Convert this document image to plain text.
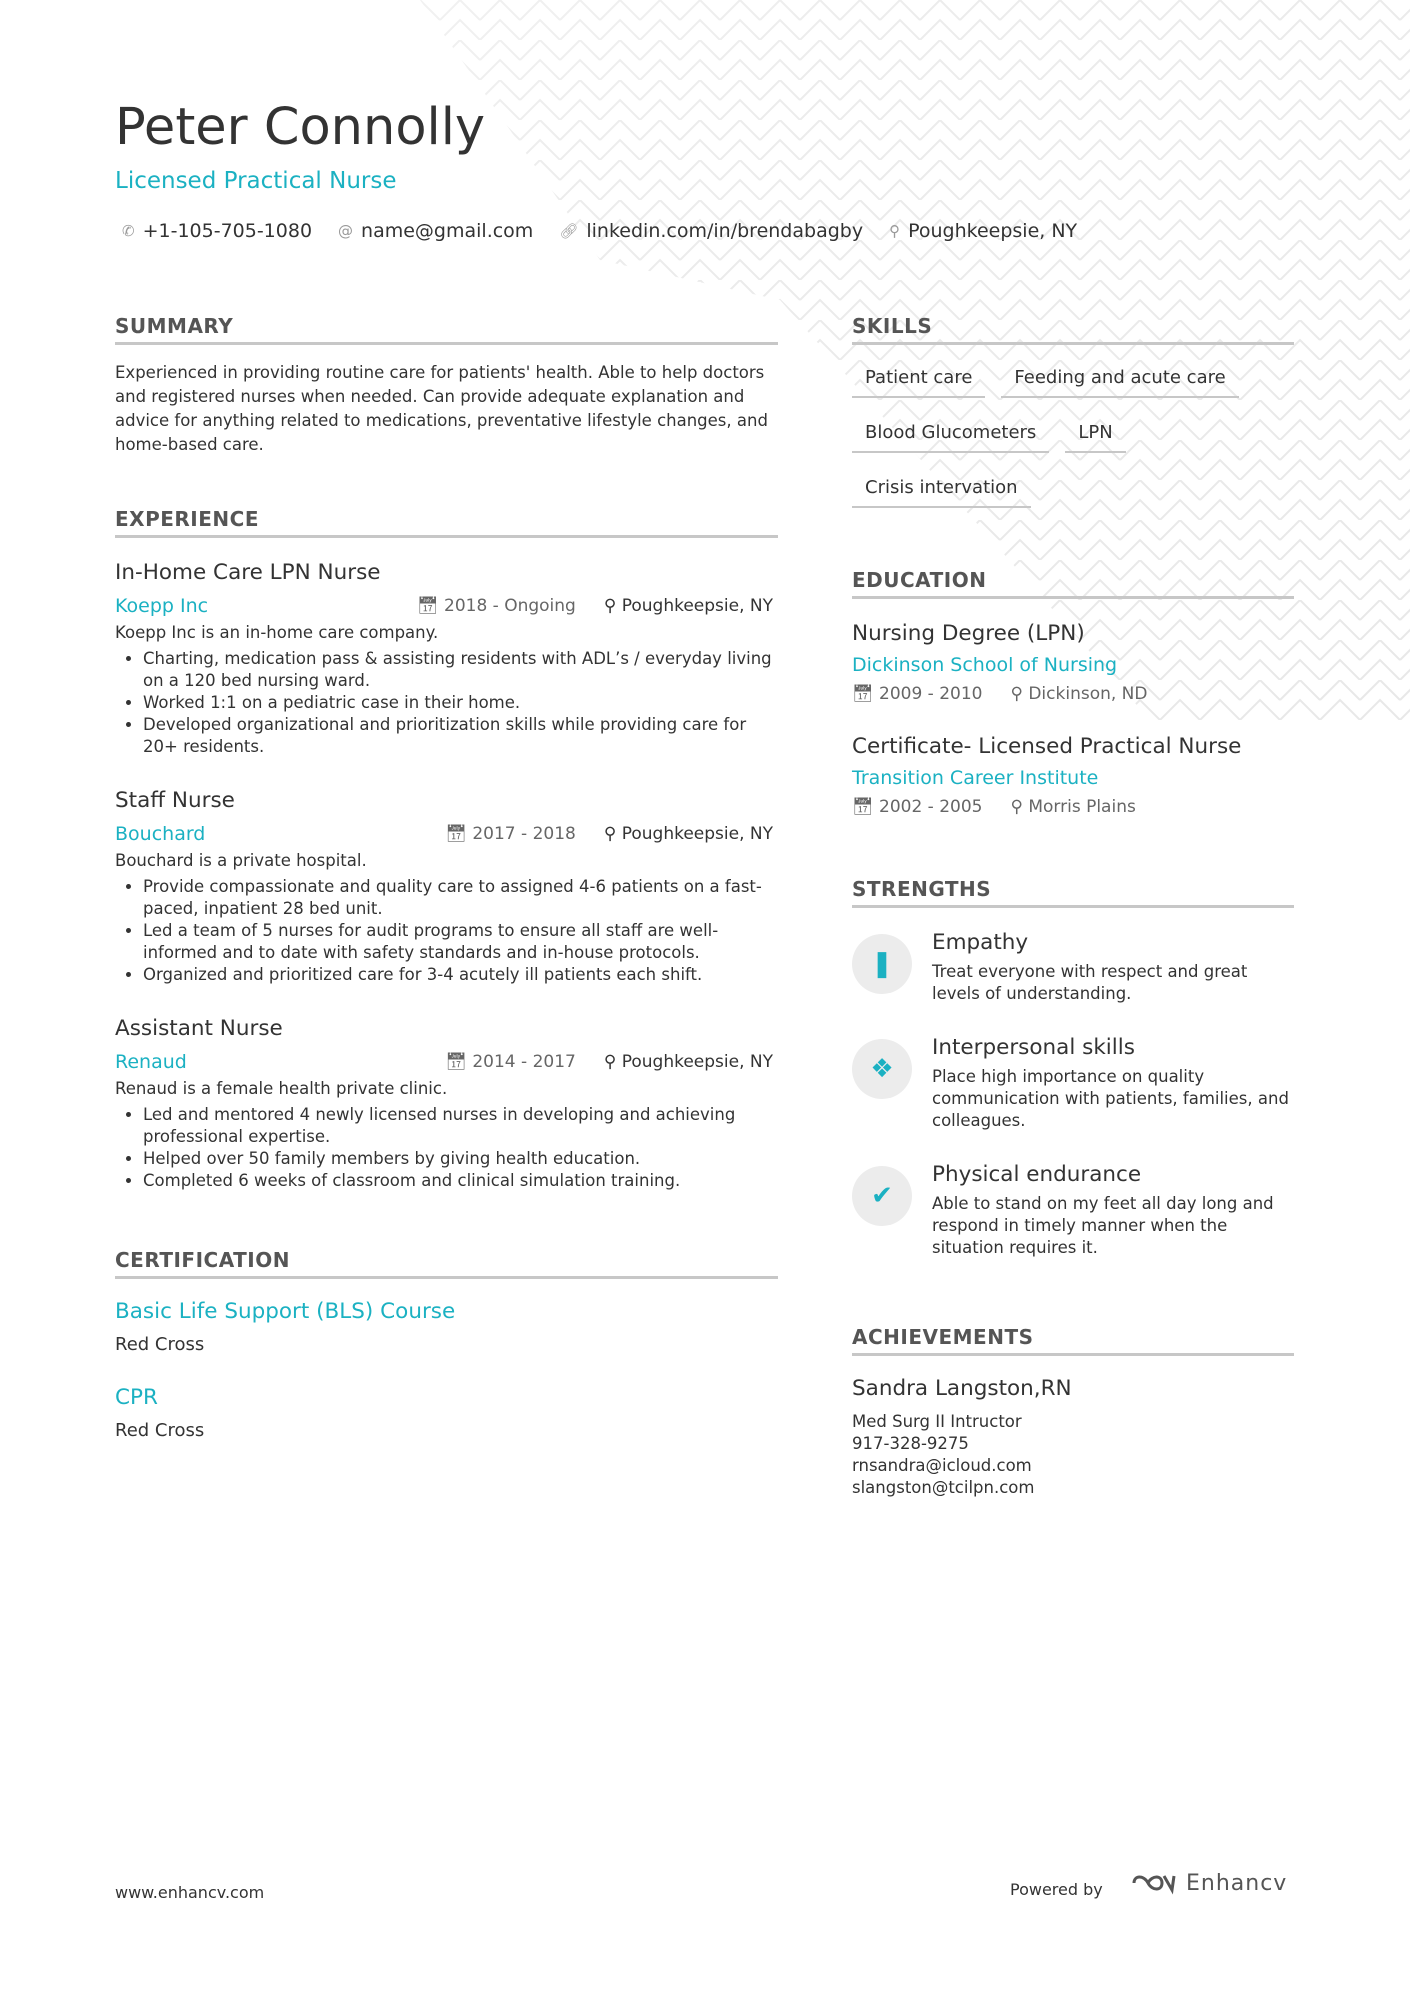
Peter Connolly
Licensed Practical Nurse
✆ +1-105-705-1080 @ name@gmail.com 🔗︎ linkedin.com/in/brendabagby ⚲ Poughkeepsie, NY
SUMMARY
Experienced in providing routine care for patients' health. Able to help doctors and registered nurses when needed. Can provide adequate explanation and advice for anything related to medications, preventative lifestyle changes, and home-based care.
EXPERIENCE
In-Home Care LPN Nurse
Koepp Inc	📅︎ 2018 - Ongoing ⚲ Poughkeepsie, NY
Koepp Inc is an in-home care company.
• Charting, medication pass & assisting residents with ADL’s / everyday living on a 120 bed nursing ward.
• Worked 1:1 on a pediatric case in their home.
• Developed organizational and prioritization skills while providing care for 20+ residents.
Staff Nurse
Bouchard	📅︎ 2017 - 2018 ⚲ Poughkeepsie, NY
Bouchard is a private hospital.
• Provide compassionate and quality care to assigned 4-6 patients on a fast-paced, inpatient 28 bed unit.
• Led a team of 5 nurses for audit programs to ensure all staff are well-informed and to date with safety standards and in-house protocols.
• Organized and prioritized care for 3-4 acutely ill patients each shift.
Assistant Nurse
Renaud	📅︎ 2014 - 2017 ⚲ Poughkeepsie, NY
Renaud is a female health private clinic.
• Led and mentored 4 newly licensed nurses in developing and achieving professional expertise.
• Helped over 50 family members by giving health education.
• Completed 6 weeks of classroom and clinical simulation training.
CERTIFICATION
Basic Life Support (BLS) Course
Red Cross
CPR
Red Cross
SKILLS
Patient care	Feeding and acute care
Blood Glucometers	LPN
Crisis intervation
EDUCATION
Nursing Degree (LPN)
Dickinson School of Nursing
📅︎ 2009 - 2010 ⚲ Dickinson, ND
Certificate- Licensed Practical Nurse
Transition Career Institute
📅︎ 2002 - 2005 ⚲ Morris Plains
STRENGTHS
❚
Empathy
Treat everyone with respect and great levels of understanding.
❖
Interpersonal skills
Place high importance on quality communication with patients, families, and colleagues.
✔
Physical endurance
Able to stand on my feet all day long and respond in timely manner when the situation requires it.
ACHIEVEMENTS
Sandra Langston,RN
Med Surg II Intructor
917-328-9275
rnsandra@icloud.com
slangston@tcilpn.com
www.enhancv.com	Powered by	Enhancv
